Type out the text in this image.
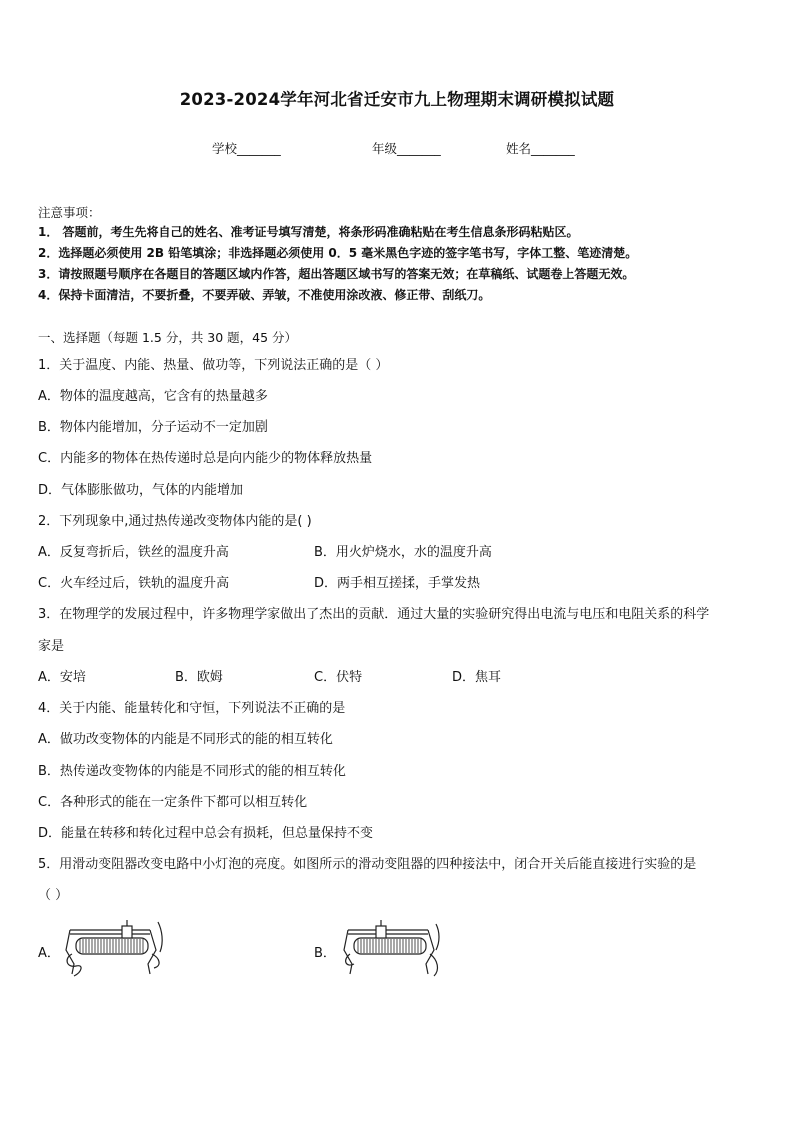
2023-2024学年河北省迁安市九上物理期末调研模拟试题
学校_______	年级_______	姓名_______
注意事项：
1． 答题前，考生先将自己的姓名、准考证号填写清楚，将条形码准确粘贴在考生信息条形码粘贴区。
2．选择题必须使用 2B 铅笔填涂；非选择题必须使用 0．5 毫米黑色字迹的签字笔书写，字体工整、笔迹清楚。
3．请按照题号顺序在各题目的答题区域内作答，超出答题区域书写的答案无效；在草稿纸、试题卷上答题无效。
4．保持卡面清洁，不要折叠，不要弄破、弄皱，不准使用涂改液、修正带、刮纸刀。
一、选择题（每题 1.5 分，共 30 题，45 分）
1．关于温度、内能、热量、做功等，下列说法正确的是（ ）
A．物体的温度越高，它含有的热量越多
B．物体内能增加，分子运动不一定加剧
C．内能多的物体在热传递时总是向内能少的物体释放热量
D．气体膨胀做功，气体的内能增加
2．下列现象中,通过热传递改变物体内能的是( )
A．反复弯折后，铁丝的温度升高	B．用火炉烧水，水的温度升高
C．火车经过后，铁轨的温度升高	D．两手相互搓揉，手掌发热
3．在物理学的发展过程中，许多物理学家做出了杰出的贡献．通过大量的实验研究得出电流与电压和电阻关系的科学
家是
A．安培	B．欧姆	C．伏特	D．焦耳
4．关于内能、能量转化和守恒，下列说法不正确的是
A．做功改变物体的内能是不同形式的能的相互转化
B．热传递改变物体的内能是不同形式的能的相互转化
C．各种形式的能在一定条件下都可以相互转化
D．能量在转移和转化过程中总会有损耗，但总量保持不变
5．用滑动变阻器改变电路中小灯泡的亮度。如图所示的滑动变阻器的四种接法中，闭合开关后能直接进行实验的是
（ ）
A．	B．
